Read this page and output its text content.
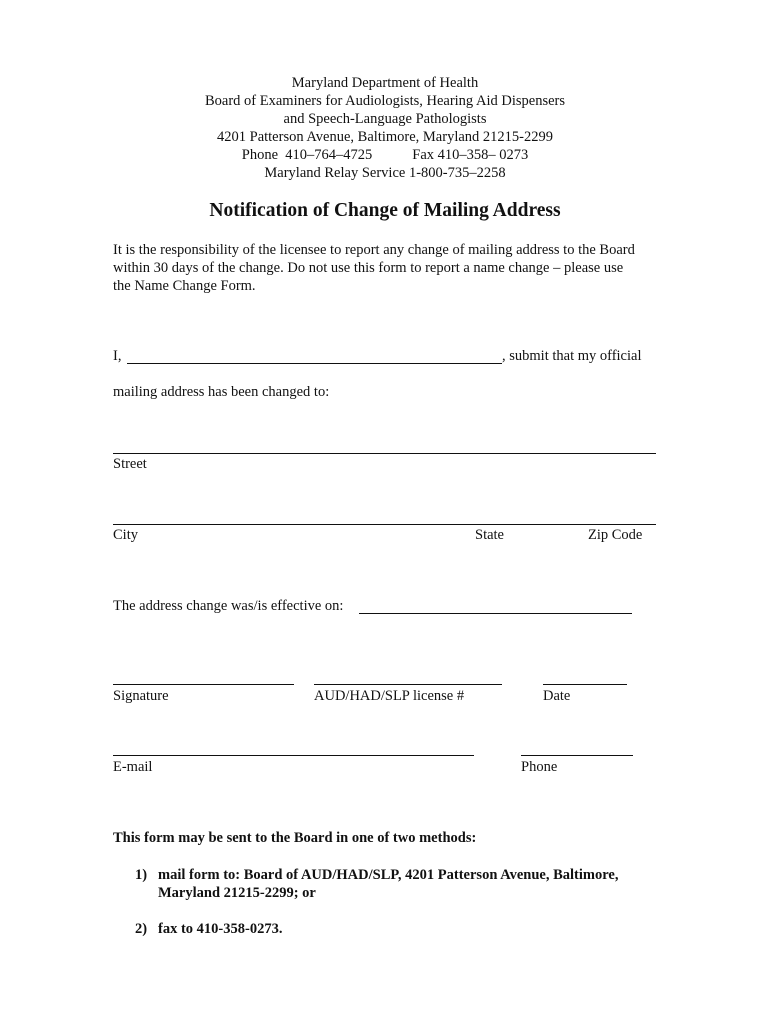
Maryland Department of Health
Board of Examiners for Audiologists, Hearing Aid Dispensers
and Speech-Language Pathologists
4201 Patterson Avenue, Baltimore, Maryland 21215-2299
Phone  410–764–4725	Fax 410–358– 0273
Maryland Relay Service 1-800-735–2258
Notification of Change of Mailing Address
It is the responsibility of the licensee to report any change of mailing address to the Board
within 30 days of the change. Do not use this form to report a name change – please use
the Name Change Form.
I,	, submit that my official
mailing address has been changed to:
Street
City	State	Zip Code
The address change was/is effective on:
Signature	AUD/HAD/SLP license #	Date
E-mail	Phone
This form may be sent to the Board in one of two methods:
1) mail form to: Board of AUD/HAD/SLP, 4201 Patterson Avenue, Baltimore,
Maryland 21215-2299; or
2) fax to 410-358-0273.
